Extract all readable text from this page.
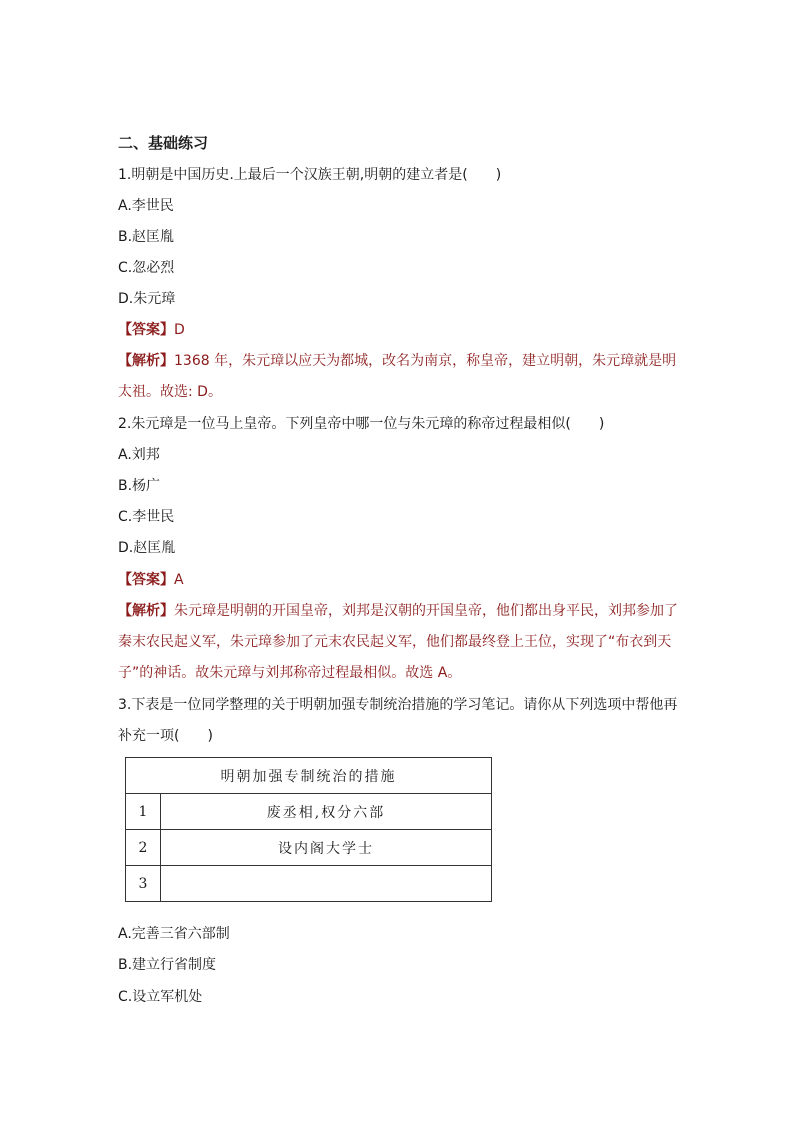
二、基础练习
1.明朝是中国历史.上最后一个汉族王朝,明朝的建立者是(　　)
A.李世民
B.赵匡胤
C.忽必烈
D.朱元璋
【答案】D
【解析】1368 年，朱元璋以应天为都城，改名为南京，称皇帝，建立明朝，朱元璋就是明
太祖。故选: D。
2.朱元璋是一位马上皇帝。下列皇帝中哪一位与朱元璋的称帝过程最相似(　　)
A.刘邦
B.杨广
C.李世民
D.赵匡胤
【答案】A
【解析】朱元璋是明朝的开国皇帝，刘邦是汉朝的开国皇帝，他们都出身平民，刘邦参加了
秦末农民起义军，朱元璋参加了元末农民起义军，他们都最终登上王位，实现了“布衣到天
子”的神话。故朱元璋与刘邦称帝过程最相似。故选 A。
3.下表是一位同学整理的关于明朝加强专制统治措施的学习笔记。请你从下列选项中帮他再
补充一项(　　)
明朝加强专制统治的措施	
1	废丞相,权分六部
2	设内阁大学士
3	
A.完善三省六部制
B.建立行省制度
C.设立军机处
